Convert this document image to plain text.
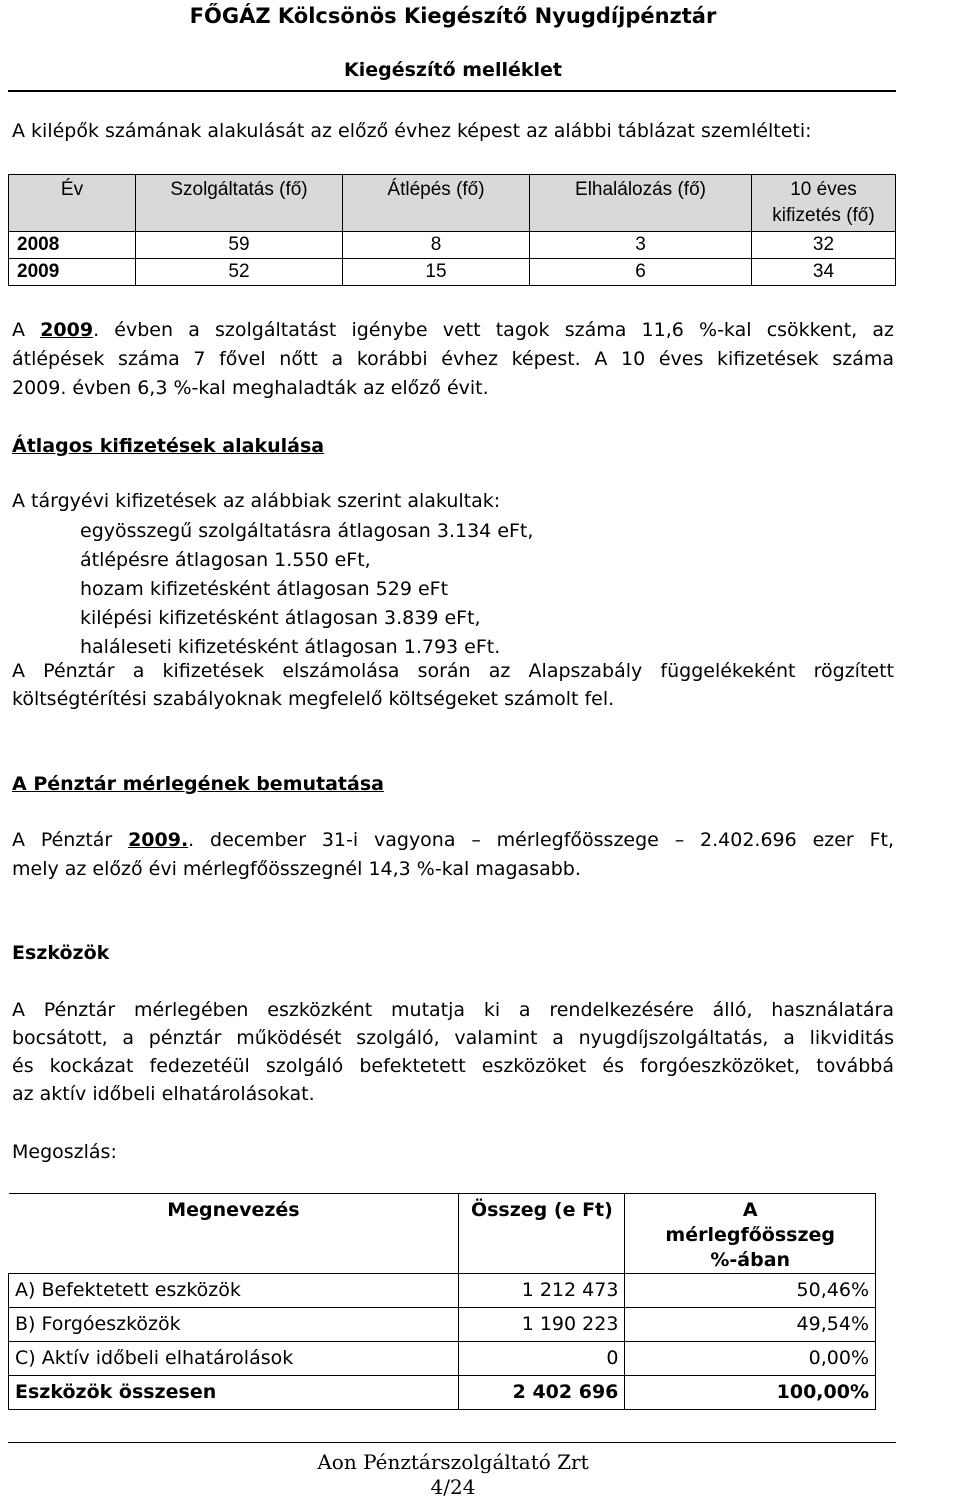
FŐGÁZ Kölcsönös Kiegészítő Nyugdíjpénztár
Kiegészítő melléklet
A kilépők számának alakulását az előző évhez képest az alábbi táblázat szemlélteti:
Év	Szolgáltatás (fő)	Átlépés (fő)	Elhalálozás (fő)	10 éves kifizetés (fő)
2008	59	8	3	32
2009	52	15	6	34
A 2009. évben a szolgáltatást igénybe vett tagok száma 11,6 %-kal csökkent, az
átlépések száma 7 fővel nőtt a korábbi évhez képest. A 10 éves kifizetések száma
2009. évben 6,3 %-kal meghaladták az előző évit.
Átlagos kifizetések alakulása
A tárgyévi kifizetések az alábbiak szerint alakultak:
egyösszegű szolgáltatásra átlagosan 3.134 eFt,
átlépésre átlagosan 1.550 eFt,
hozam kifizetésként átlagosan 529 eFt
kilépési kifizetésként átlagosan 3.839 eFt,
haláleseti kifizetésként átlagosan 1.793 eFt.
A Pénztár a kifizetések elszámolása során az Alapszabály függelékeként rögzített
költségtérítési szabályoknak megfelelő költségeket számolt fel.
A Pénztár mérlegének bemutatása
A Pénztár 2009.. december 31-i vagyona – mérlegfőösszege – 2.402.696 ezer Ft,
mely az előző évi mérlegfőösszegnél 14,3 %-kal magasabb.
Eszközök
A Pénztár mérlegében eszközként mutatja ki a rendelkezésére álló, használatára
bocsátott, a pénztár működését szolgáló, valamint a nyugdíjszolgáltatás, a likviditás
és kockázat fedezetéül szolgáló befektetett eszközöket és forgóeszközöket, továbbá
az aktív időbeli elhatárolásokat.
Megoszlás:
Megnevezés	Összeg (e Ft)	A mérlegfőösszeg %-ában
A) Befektetett eszközök	1 212 473	50,46%
B) Forgóeszközök	1 190 223	49,54%
C) Aktív időbeli elhatárolások	0	0,00%
Eszközök összesen	2 402 696	100,00%
Aon Pénztárszolgáltató Zrt
4/24
